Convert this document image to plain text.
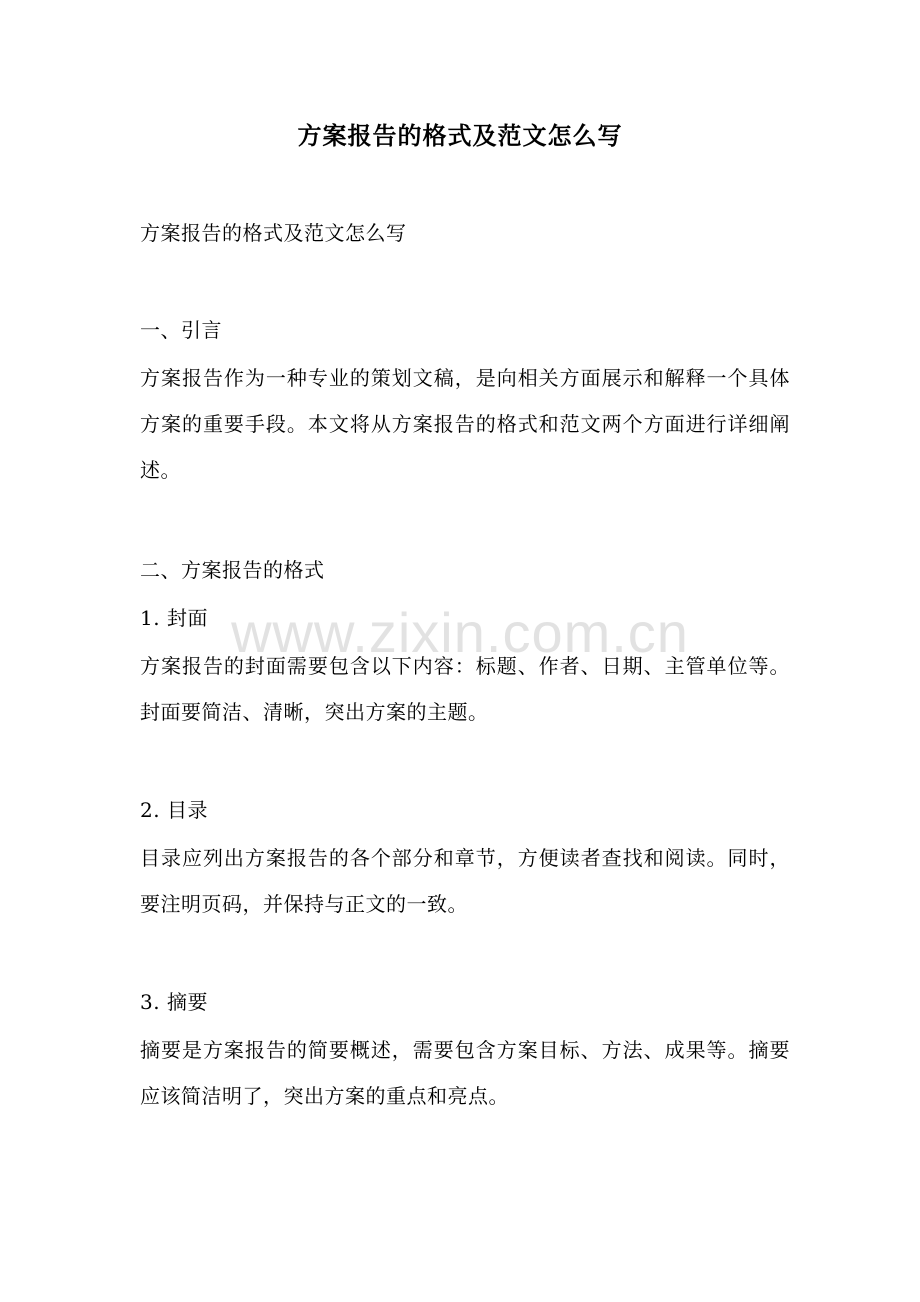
www.zixin.com.cn
方案报告的格式及范文怎么写
方案报告的格式及范文怎么写
一、引言
方案报告作为一种专业的策划文稿，是向相关方面展示和解释一个具体方案的重要手段。本文将从方案报告的格式和范文两个方面进行详细阐述。
二、方案报告的格式
1. 封面
方案报告的封面需要包含以下内容：标题、作者、日期、主管单位等。封面要简洁、清晰，突出方案的主题。
2. 目录
目录应列出方案报告的各个部分和章节，方便读者查找和阅读。同时，要注明页码，并保持与正文的一致。
3. 摘要
摘要是方案报告的简要概述，需要包含方案目标、方法、成果等。摘要应该简洁明了，突出方案的重点和亮点。
